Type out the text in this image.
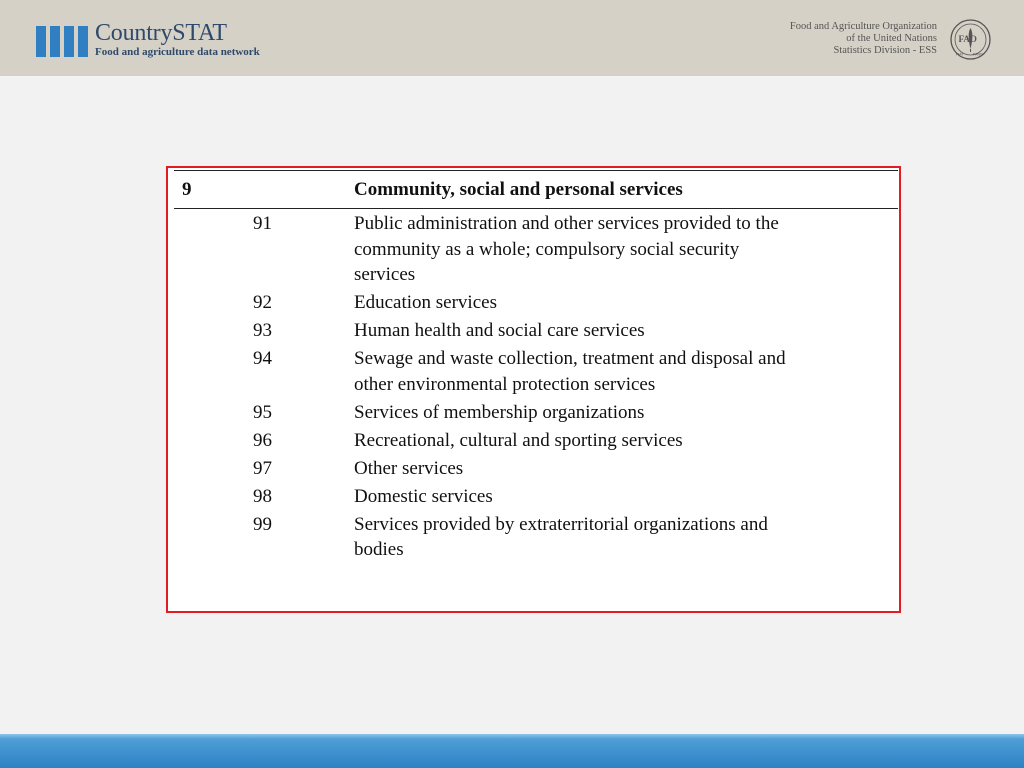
CountrySTAT
Food and agriculture data network
Food and Agriculture Organization
of the United Nations
Statistics Division - ESS
FAO
FIAT	PANIS
9	Community, social and personal services
91	Public administration and other services provided to the
community as a whole; compulsory social security
services
92	Education services
93	Human health and social care services
94	Sewage and waste collection, treatment and disposal and
other environmental protection services
95	Services of membership organizations
96	Recreational, cultural and sporting services
97	Other services
98	Domestic services
99	Services provided by extraterritorial organizations and
bodies
